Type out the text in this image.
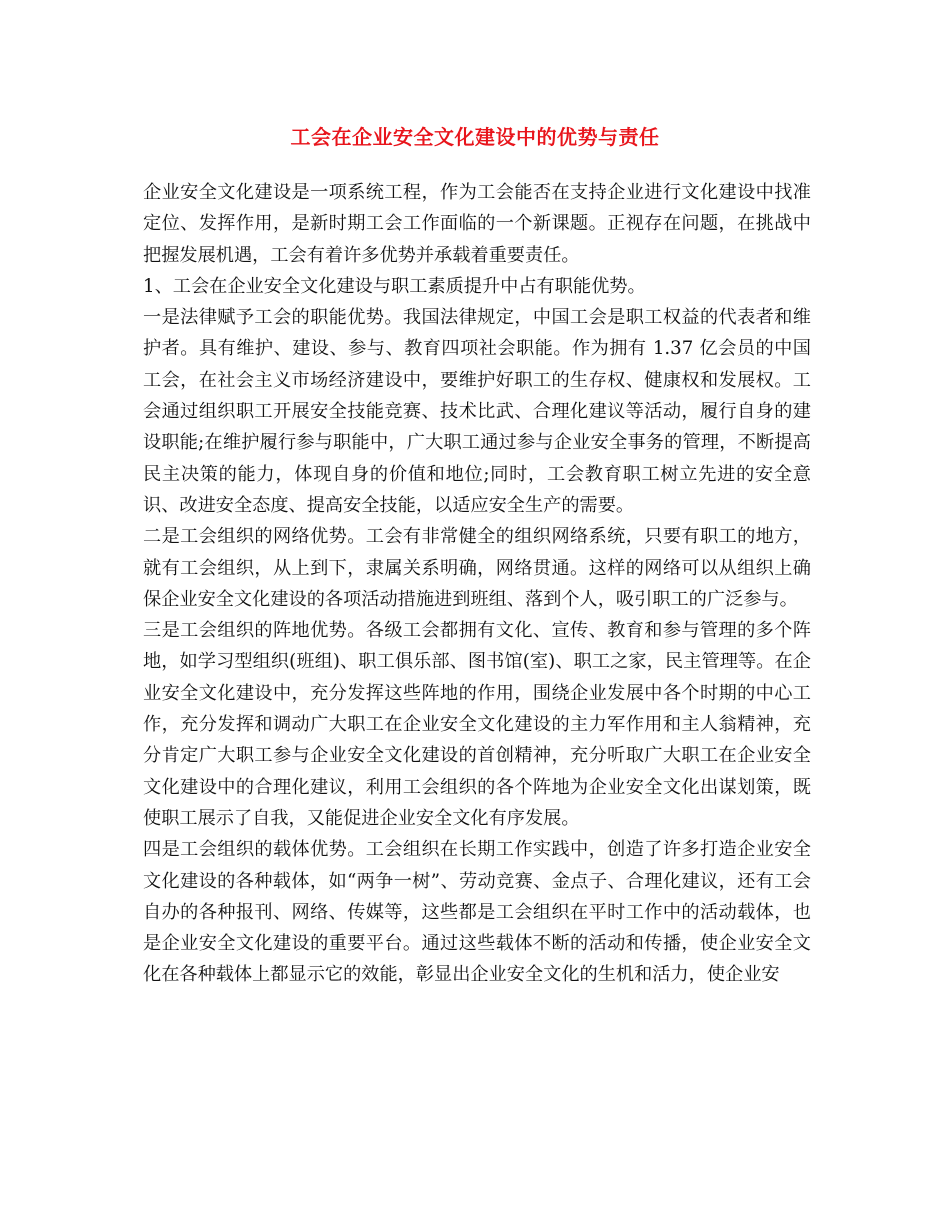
工会在企业安全文化建设中的优势与责任

企业安全文化建设是一项系统工程，作为工会能否在支持企业进行文化建设中找准定位、发挥作用，是新时期工会工作面临的一个新课题。正视存在问题，在挑战中把握发展机遇，工会有着许多优势并承载着重要责任。

1、工会在企业安全文化建设与职工素质提升中占有职能优势。

一是法律赋予工会的职能优势。我国法律规定，中国工会是职工权益的代表者和维护者。具有维护、建设、参与、教育四项社会职能。作为拥有 1.37 亿会员的中国工会，在社会主义市场经济建设中，要维护好职工的生存权、健康权和发展权。工会通过组织职工开展安全技能竞赛、技术比武、合理化建议等活动，履行自身的建设职能;在维护履行参与职能中，广大职工通过参与企业安全事务的管理，不断提高民主决策的能力，体现自身的价值和地位;同时，工会教育职工树立先进的安全意识、改进安全态度、提高安全技能，以适应安全生产的需要。

二是工会组织的网络优势。工会有非常健全的组织网络系统，只要有职工的地方，就有工会组织，从上到下，隶属关系明确，网络贯通。这样的网络可以从组织上确保企业安全文化建设的各项活动措施进到班组、落到个人，吸引职工的广泛参与。

三是工会组织的阵地优势。各级工会都拥有文化、宣传、教育和参与管理的多个阵地，如学习型组织(班组)、职工俱乐部、图书馆(室)、职工之家，民主管理等。在企业安全文化建设中，充分发挥这些阵地的作用，围绕企业发展中各个时期的中心工作，充分发挥和调动广大职工在企业安全文化建设的主力军作用和主人翁精神，充分肯定广大职工参与企业安全文化建设的首创精神，充分听取广大职工在企业安全文化建设中的合理化建议，利用工会组织的各个阵地为企业安全文化出谋划策，既使职工展示了自我，又能促进企业安全文化有序发展。

四是工会组织的载体优势。工会组织在长期工作实践中，创造了许多打造企业安全文化建设的各种载体，如“两争一树”、劳动竞赛、金点子、合理化建议，还有工会自办的各种报刊、网络、传媒等，这些都是工会组织在平时工作中的活动载体，也是企业安全文化建设的重要平台。通过这些载体不断的活动和传播，使企业安全文化在各种载体上都显示它的效能，彰显出企业安全文化的生机和活力，使企业安
